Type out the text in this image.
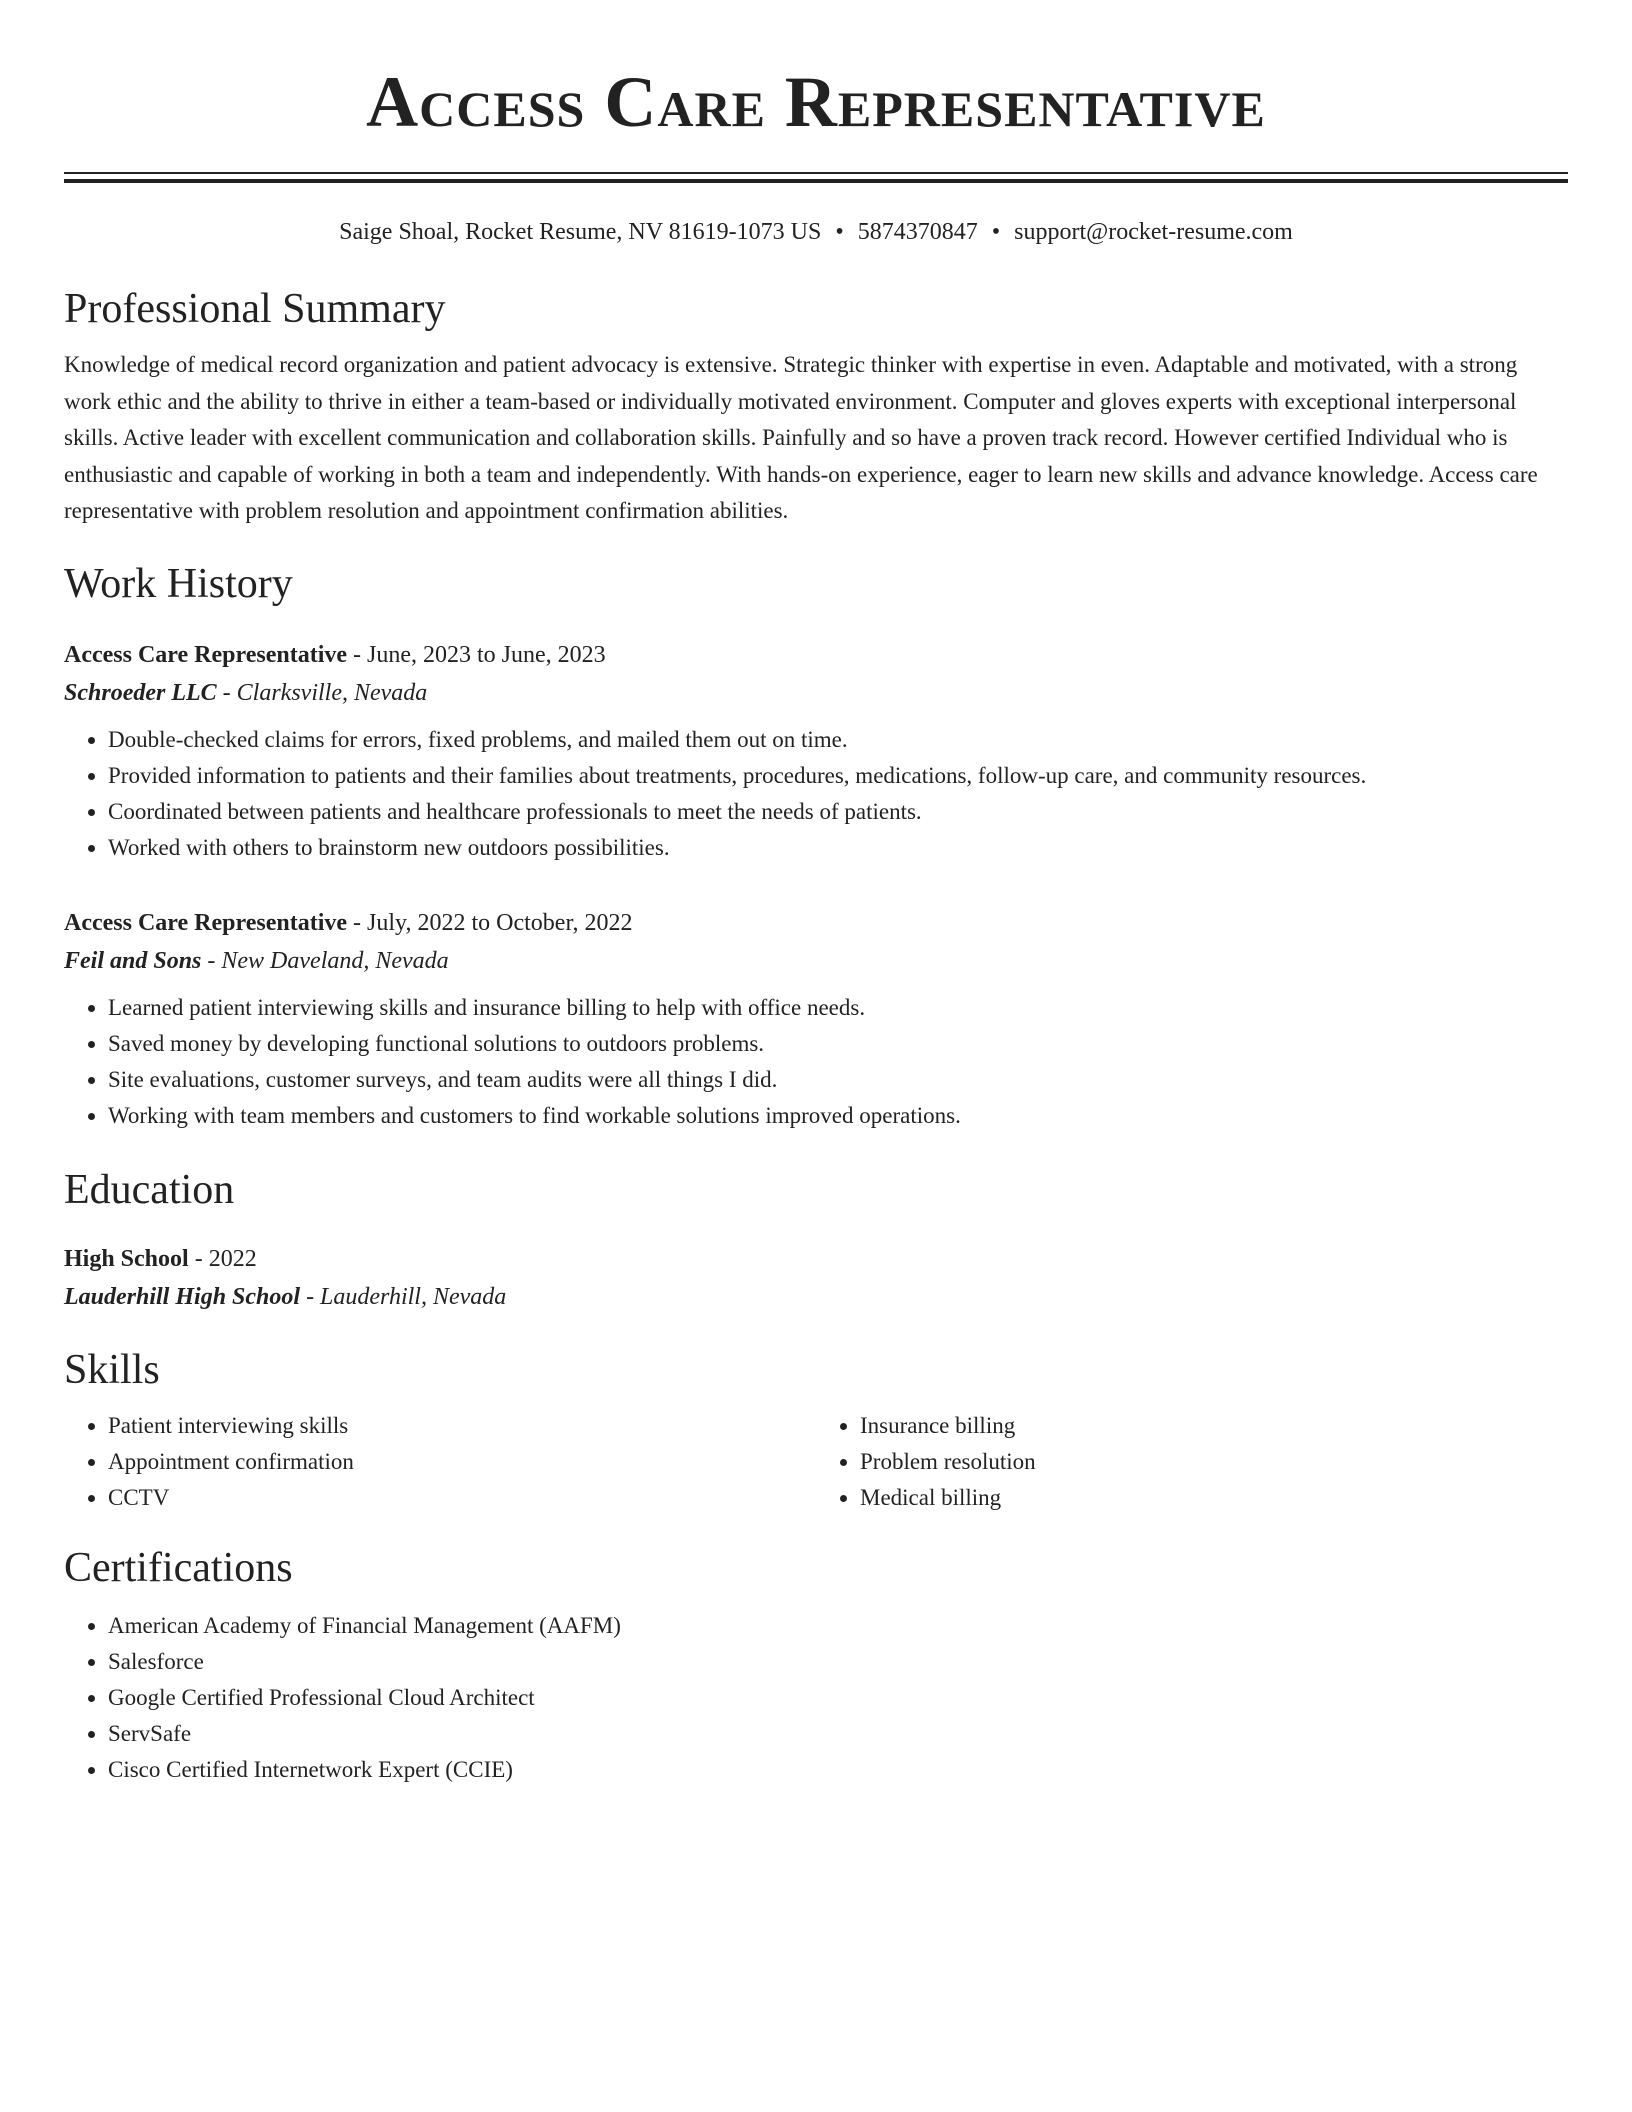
Access Care Representative
Saige Shoal, Rocket Resume, NV 81619-1073 US • 5874370847 • support@rocket-resume.com
Professional Summary

Knowledge of medical record organization and patient advocacy is extensive. Strategic thinker with expertise in even. Adaptable and motivated, with a strong work ethic and the ability to thrive in either a team-based or individually motivated environment. Computer and gloves experts with exceptional interpersonal skills. Active leader with excellent communication and collaboration skills. Painfully and so have a proven track record. However certified Individual who is enthusiastic and capable of working in both a team and independently. With hands-on experience, eager to learn new skills and advance knowledge. Access care representative with problem resolution and appointment confirmation abilities.

Work History
Access Care Representative - June, 2023 to June, 2023
Schroeder LLC - Clarksville, Nevada
• Double-checked claims for errors, fixed problems, and mailed them out on time.
• Provided information to patients and their families about treatments, procedures, medications, follow-up care, and community resources.
• Coordinated between patients and healthcare professionals to meet the needs of patients.
• Worked with others to brainstorm new outdoors possibilities.
Access Care Representative - July, 2022 to October, 2022
Feil and Sons - New Daveland, Nevada
• Learned patient interviewing skills and insurance billing to help with office needs.
• Saved money by developing functional solutions to outdoors problems.
• Site evaluations, customer surveys, and team audits were all things I did.
• Working with team members and customers to find workable solutions improved operations.
Education
High School - 2022
Lauderhill High School - Lauderhill, Nevada
Skills
• Patient interviewing skills
• Appointment confirmation
• CCTV
• Insurance billing
• Problem resolution
• Medical billing
Certifications
• American Academy of Financial Management (AAFM)
• Salesforce
• Google Certified Professional Cloud Architect
• ServSafe
• Cisco Certified Internetwork Expert (CCIE)
